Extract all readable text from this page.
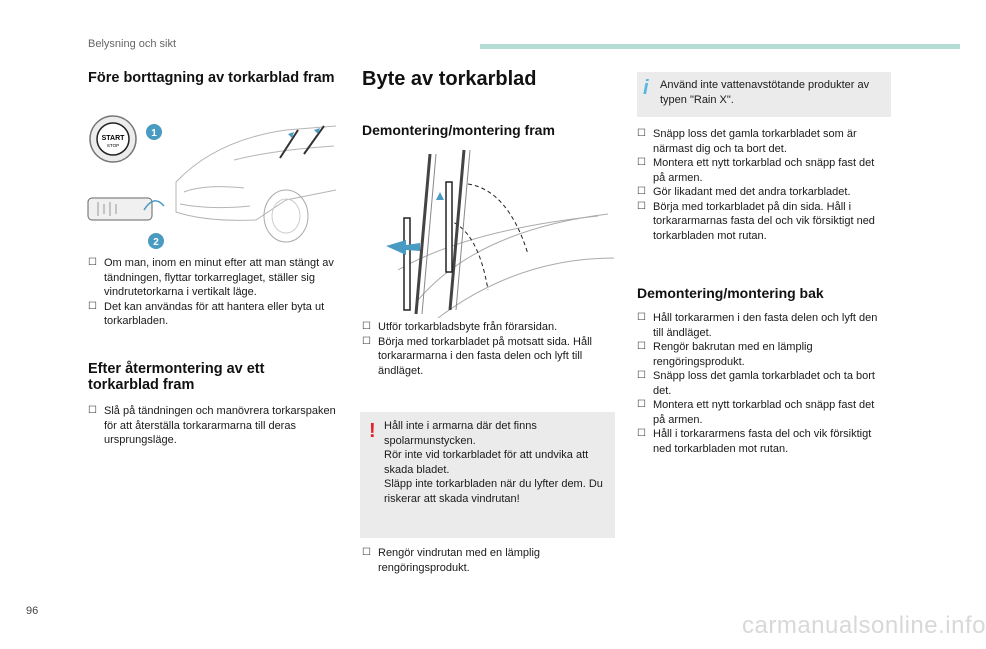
Belysning och sikt
Före borttagning av torkarblad fram
START
STOP
1
2
☐ Om man, inom en minut efter att man stängt av tändningen, flyttar torkarreglaget, ställer sig vindrutetorkarna i vertikalt läge.
☐ Det kan användas för att hantera eller byta ut torkarbladen.
Efter återmontering av ett torkarblad fram
☐ Slå på tändningen och manövrera torkarspaken för att återställa torkararmarna till deras ursprungsläge.
Byte av torkarblad
Demontering/montering fram
☐ Utför torkarbladsbyte från förarsidan.
☐ Börja med torkarbladet på motsatt sida. Håll torkararmarna i den fasta delen och lyft till ändläget.
! Håll inte i armarna där det finns spolarmunstycken.

Rör inte vid torkarbladet för att undvika att skada bladet.

Släpp inte torkarbladen när du lyfter dem. Du riskerar att skada vindrutan!

☐ Rengör vindrutan med en lämplig rengöringsprodukt.
i Använd inte vattenavstötande produkter av typen "Rain X".
☐ Snäpp loss det gamla torkarbladet som är närmast dig och ta bort det.
☐ Montera ett nytt torkarblad och snäpp fast det på armen.
☐ Gör likadant med det andra torkarbladet.
☐ Börja med torkarbladet på din sida. Håll i torkararmarnas fasta del och vik försiktigt ned torkarbladen mot rutan.
Demontering/montering bak
☐ Håll torkararmen i den fasta delen och lyft den till ändläget.
☐ Rengör bakrutan med en lämplig rengöringsprodukt.
☐ Snäpp loss det gamla torkarbladet och ta bort det.
☐ Montera ett nytt torkarblad och snäpp fast det på armen.
☐ Håll i torkararmens fasta del och vik försiktigt ned torkarbladen mot rutan.
96
carmanualsonline.info
